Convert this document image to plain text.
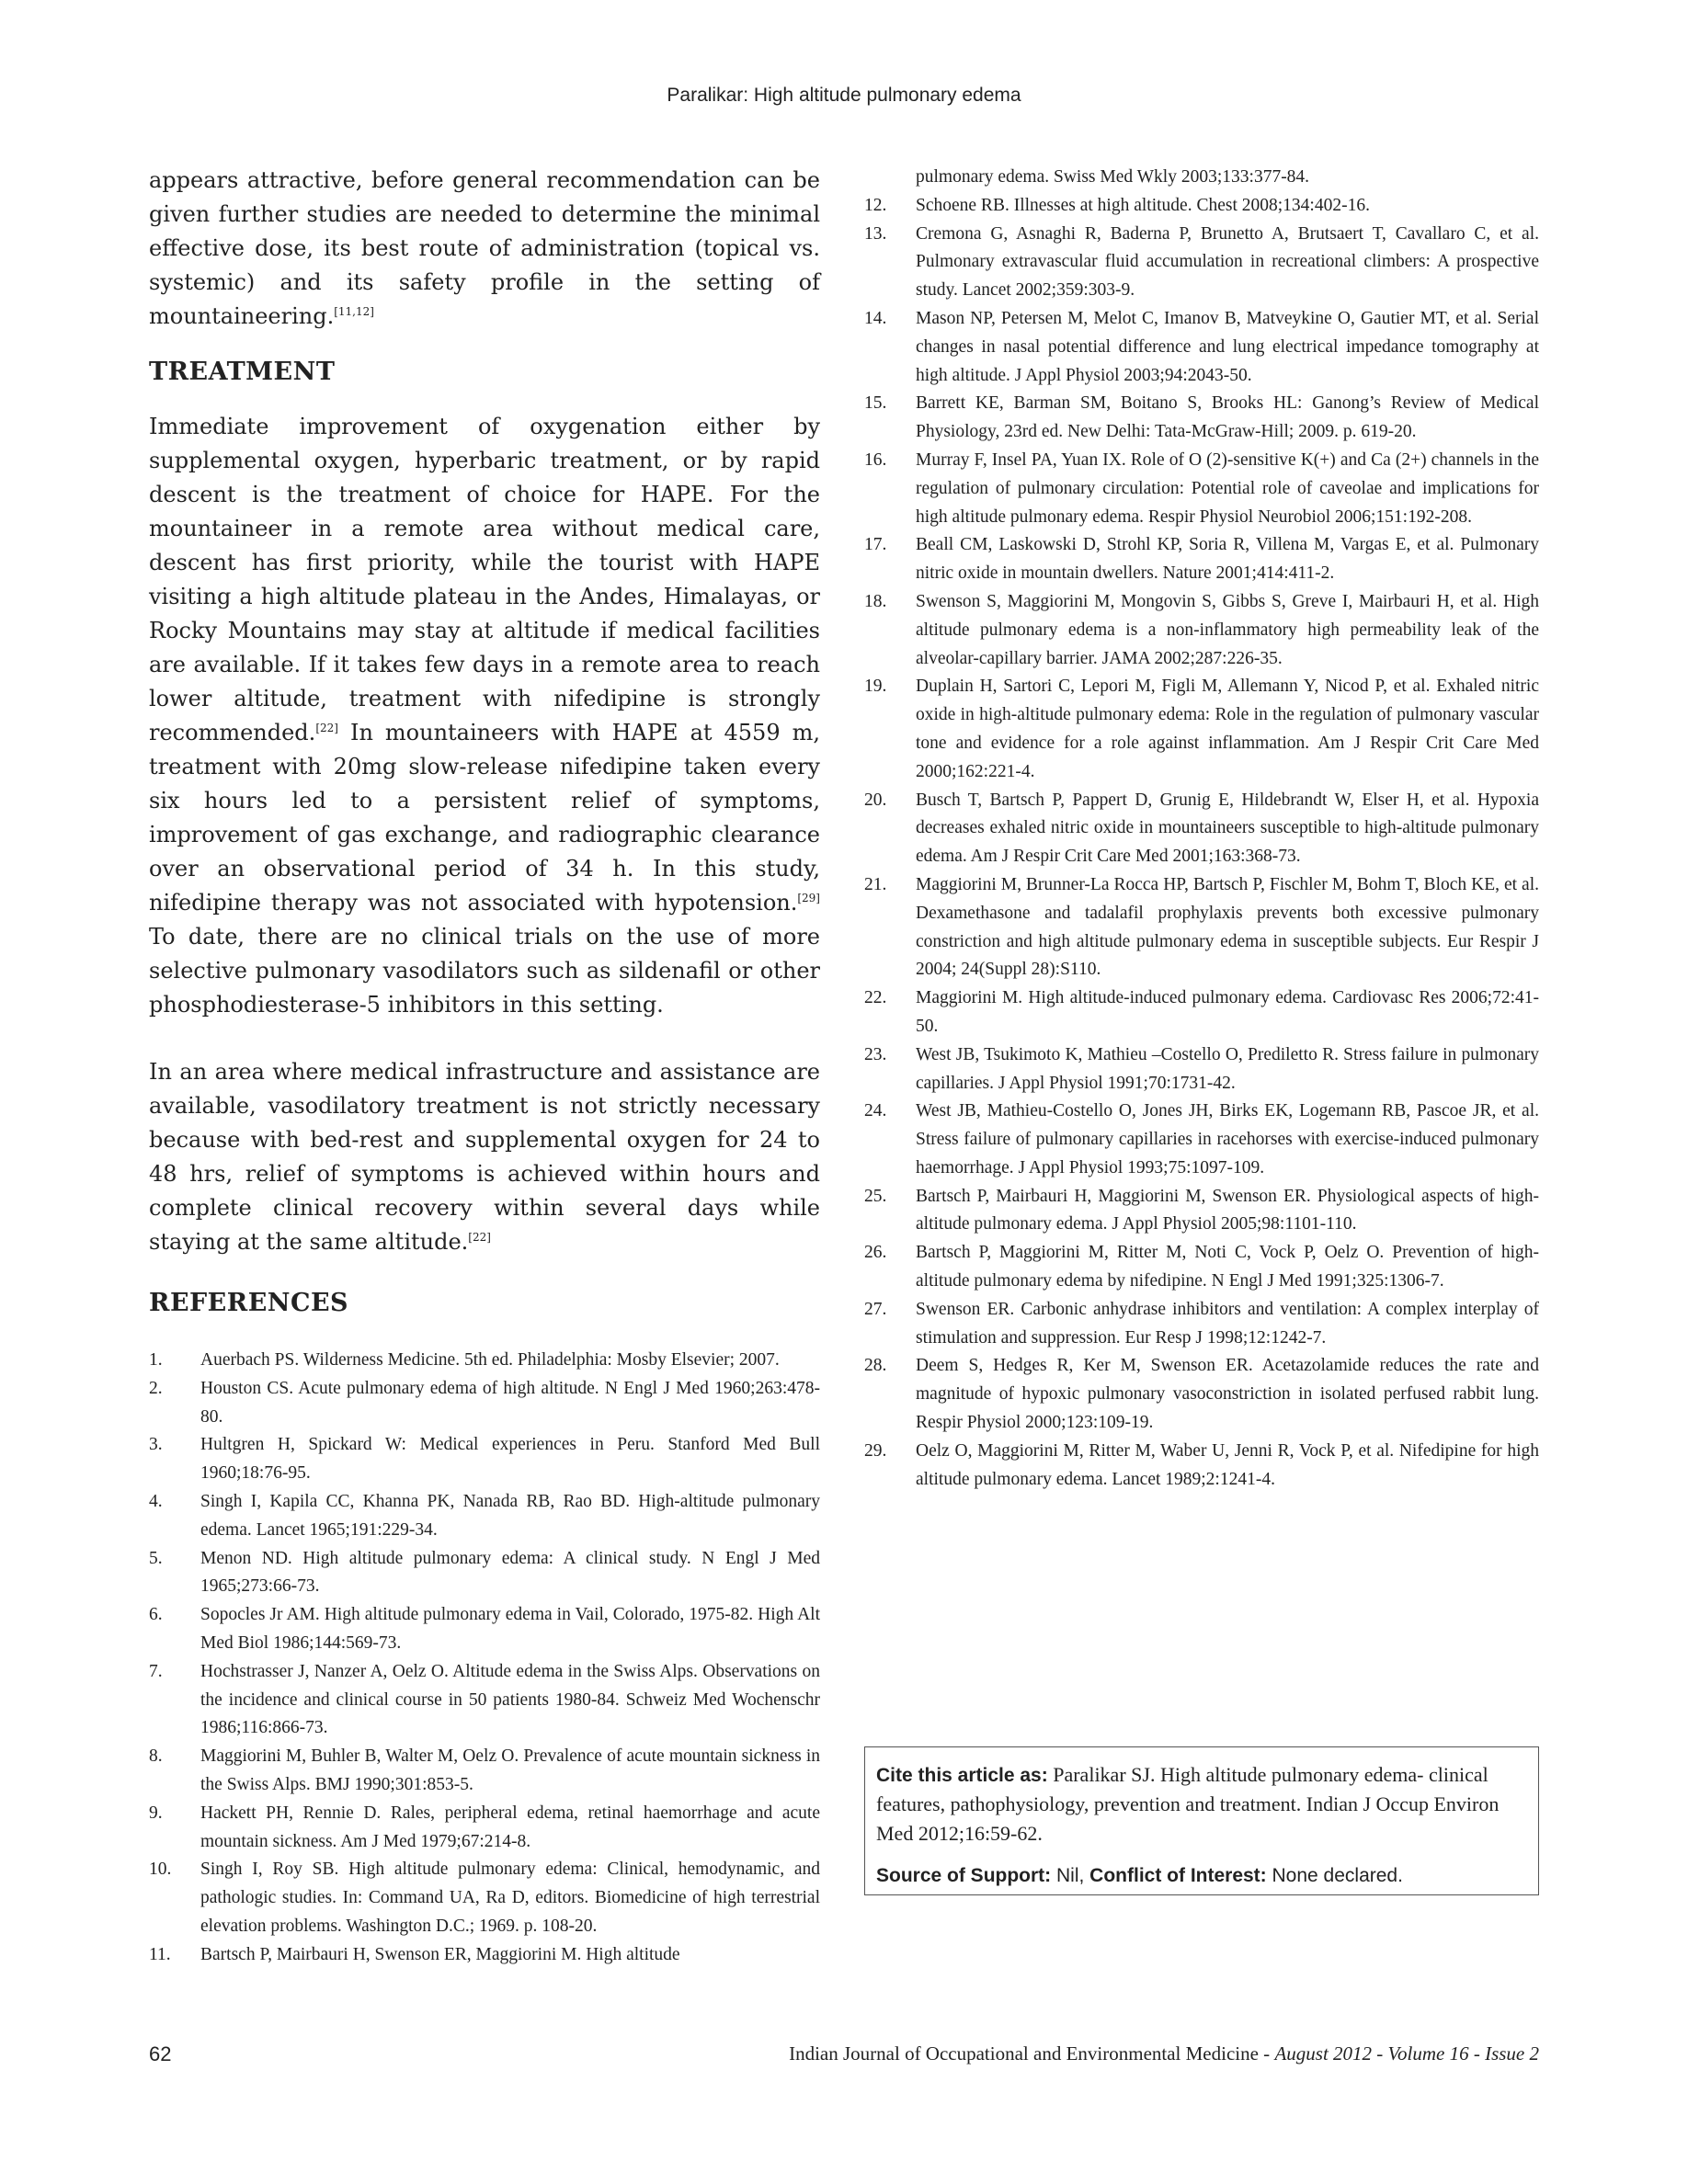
Paralikar: High altitude pulmonary edema

appears attractive, before general recommendation can be given further studies are needed to determine the minimal effective dose, its best route of administration (topical vs. systemic) and its safety profile in the setting of mountaineering.[11,12]

TREATMENT

Immediate improvement of oxygenation either by supplemental oxygen, hyperbaric treatment, or by rapid descent is the treatment of choice for HAPE. For the mountaineer in a remote area without medical care, descent has first priority, while the tourist with HAPE visiting a high altitude plateau in the Andes, Himalayas, or Rocky Mountains may stay at altitude if medical facilities are available. If it takes few days in a remote area to reach lower altitude, treatment with nifedipine is strongly recommended.[22] In mountaineers with HAPE at 4559 m, treatment with 20mg slow-release nifedipine taken every six hours led to a persistent relief of symptoms, improvement of gas exchange, and radiographic clearance over an observational period of 34 h. In this study, nifedipine therapy was not associated with hypotension.[29] To date, there are no clinical trials on the use of more selective pulmonary vasodilators such as sildenafil or other phosphodiesterase-5 inhibitors in this setting.

In an area where medical infrastructure and assistance are available, vasodilatory treatment is not strictly necessary because with bed-rest and supplemental oxygen for 24 to 48 hrs, relief of symptoms is achieved within hours and complete clinical recovery within several days while staying at the same altitude.[22]

REFERENCES
1.	Auerbach PS. Wilderness Medicine. 5th ed. Philadelphia: Mosby Elsevier; 2007.
2.	Houston CS. Acute pulmonary edema of high altitude. N Engl J Med 1960;263:478-80.
3.	Hultgren H, Spickard W: Medical experiences in Peru. Stanford Med Bull 1960;18:76-95.
4.	Singh I, Kapila CC, Khanna PK, Nanada RB, Rao BD. High-altitude pulmonary edema. Lancet 1965;191:229-34.
5.	Menon ND. High altitude pulmonary edema: A clinical study. N Engl J Med 1965;273:66-73.
6.	Sopocles Jr AM. High altitude pulmonary edema in Vail, Colorado, 1975-82. High Alt Med Biol 1986;144:569-73.
7.	Hochstrasser J, Nanzer A, Oelz O. Altitude edema in the Swiss Alps. Observations on the incidence and clinical course in 50 patients 1980-84. Schweiz Med Wochenschr 1986;116:866-73.
8.	Maggiorini M, Buhler B, Walter M, Oelz O. Prevalence of acute mountain sickness in the Swiss Alps. BMJ 1990;301:853-5.
9.	Hackett PH, Rennie D. Rales, peripheral edema, retinal haemorrhage and acute mountain sickness. Am J Med 1979;67:214-8.
10.	Singh I, Roy SB. High altitude pulmonary edema: Clinical, hemodynamic, and pathologic studies. In: Command UA, Ra D, editors. Biomedicine of high terrestrial elevation problems. Washington D.C.; 1969. p. 108-20.
11.	Bartsch P, Mairbauri H, Swenson ER, Maggiorini M. High altitude
pulmonary edema. Swiss Med Wkly 2003;133:377-84.
12.	Schoene RB. Illnesses at high altitude. Chest 2008;134:402-16.
13.	Cremona G, Asnaghi R, Baderna P, Brunetto A, Brutsaert T, Cavallaro C, et al. Pulmonary extravascular fluid accumulation in recreational climbers: A prospective study. Lancet 2002;359:303-9.
14.	Mason NP, Petersen M, Melot C, Imanov B, Matveykine O, Gautier MT, et al. Serial changes in nasal potential difference and lung electrical impedance tomography at high altitude. J Appl Physiol 2003;94:2043-50.
15.	Barrett KE, Barman SM, Boitano S, Brooks HL: Ganong’s Review of Medical Physiology, 23rd ed. New Delhi: Tata-McGraw-Hill; 2009. p. 619-20.
16.	Murray F, Insel PA, Yuan IX. Role of O (2)-sensitive K(+) and Ca (2+) channels in the regulation of pulmonary circulation: Potential role of caveolae and implications for high altitude pulmonary edema. Respir Physiol Neurobiol 2006;151:192-208.
17.	Beall CM, Laskowski D, Strohl KP, Soria R, Villena M, Vargas E, et al. Pulmonary nitric oxide in mountain dwellers. Nature 2001;414:411-2.
18.	Swenson S, Maggiorini M, Mongovin S, Gibbs S, Greve I, Mairbauri H, et al. High altitude pulmonary edema is a non-inflammatory high permeability leak of the alveolar-capillary barrier. JAMA 2002;287:226-35.
19.	Duplain H, Sartori C, Lepori M, Figli M, Allemann Y, Nicod P, et al. Exhaled nitric oxide in high-altitude pulmonary edema: Role in the regulation of pulmonary vascular tone and evidence for a role against inflammation. Am J Respir Crit Care Med 2000;162:221-4.
20.	Busch T, Bartsch P, Pappert D, Grunig E, Hildebrandt W, Elser H, et al. Hypoxia decreases exhaled nitric oxide in mountaineers susceptible to high-altitude pulmonary edema. Am J Respir Crit Care Med 2001;163:368-73.
21.	Maggiorini M, Brunner-La Rocca HP, Bartsch P, Fischler M, Bohm T, Bloch KE, et al. Dexamethasone and tadalafil prophylaxis prevents both excessive pulmonary constriction and high altitude pulmonary edema in susceptible subjects. Eur Respir J 2004; 24(Suppl 28):S110.
22.	Maggiorini M. High altitude-induced pulmonary edema. Cardiovasc Res 2006;72:41-50.
23.	West JB, Tsukimoto K, Mathieu –Costello O, Prediletto R. Stress failure in pulmonary capillaries. J Appl Physiol 1991;70:1731-42.
24.	West JB, Mathieu-Costello O, Jones JH, Birks EK, Logemann RB, Pascoe JR, et al. Stress failure of pulmonary capillaries in racehorses with exercise-induced pulmonary haemorrhage. J Appl Physiol 1993;75:1097-109.
25.	Bartsch P, Mairbauri H, Maggiorini M, Swenson ER. Physiological aspects of high-altitude pulmonary edema. J Appl Physiol 2005;98:1101-110.
26.	Bartsch P, Maggiorini M, Ritter M, Noti C, Vock P, Oelz O. Prevention of high-altitude pulmonary edema by nifedipine. N Engl J Med 1991;325:1306-7.
27.	Swenson ER. Carbonic anhydrase inhibitors and ventilation: A complex interplay of stimulation and suppression. Eur Resp J 1998;12:1242-7.
28.	Deem S, Hedges R, Ker M, Swenson ER. Acetazolamide reduces the rate and magnitude of hypoxic pulmonary vasoconstriction in isolated perfused rabbit lung. Respir Physiol 2000;123:109-19.
29.	Oelz O, Maggiorini M, Ritter M, Waber U, Jenni R, Vock P, et al. Nifedipine for high altitude pulmonary edema. Lancet 1989;2:1241-4.
Cite this article as: Paralikar SJ. High altitude pulmonary edema- clinical features, pathophysiology, prevention and treatment. Indian J Occup Environ Med 2012;16:59-62.
Source of Support: Nil, Conflict of Interest: None declared.
62	Indian Journal of Occupational and Environmental Medicine - August 2012 - Volume 16 - Issue 2
